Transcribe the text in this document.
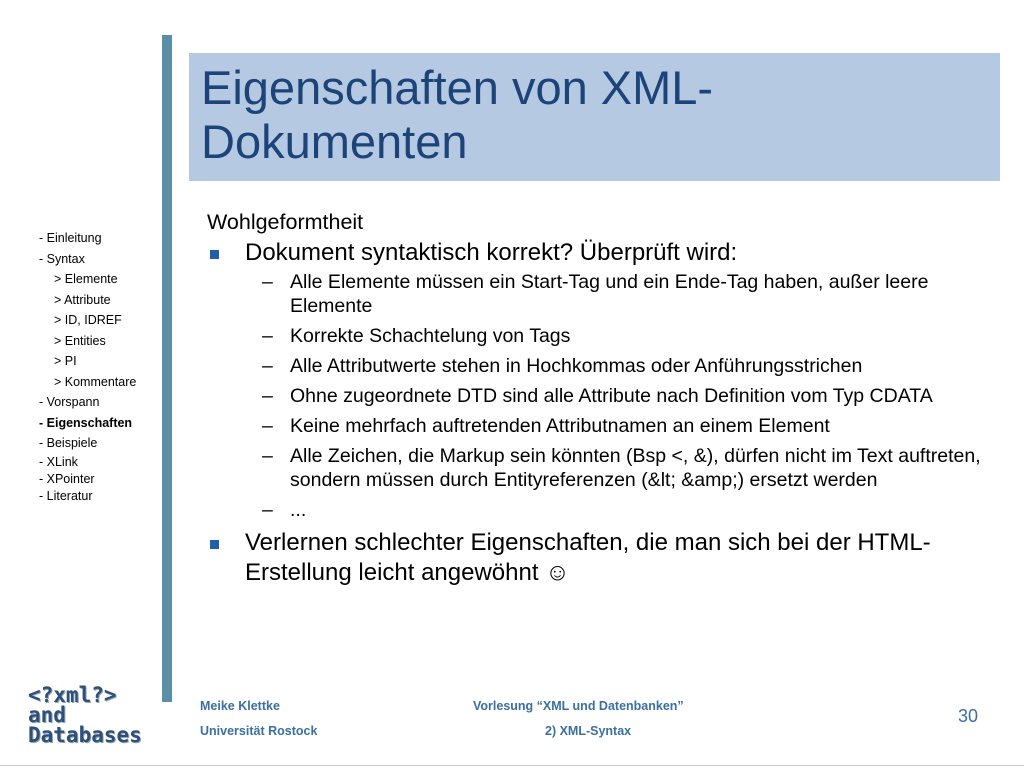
Eigenschaften von XML-
Dokumenten
- Einleitung
- Syntax
> Elemente
> Attribute
> ID, IDREF
> Entities
> PI
> Kommentare
- Vorspann
- Eigenschaften
- Beispiele
- XLink
- XPointer
- Literatur
Wohlgeformtheit
Dokument syntaktisch korrekt? Überprüft wird:
– Alle Elemente müssen ein Start-Tag und ein Ende-Tag haben, außer leere Elemente
– Korrekte Schachtelung von Tags
– Alle Attributwerte stehen in Hochkommas oder Anführungsstrichen
– Ohne zugeordnete DTD sind alle Attribute nach Definition vom Typ CDATA
– Keine mehrfach auftretenden Attributnamen an einem Element
– Alle Zeichen, die Markup sein könnten (Bsp <, &), dürfen nicht im Text auftreten, sondern müssen durch Entityreferenzen (&lt; &amp;) ersetzt werden
– ...
Verlernen schlechter Eigenschaften, die man sich bei der HTML-Erstellung leicht angewöhnt ☺
<?xml?>
and
Databases
Meike Klettke
Universität Rostock
Vorlesung “XML und Datenbanken”
2) XML-Syntax
30
